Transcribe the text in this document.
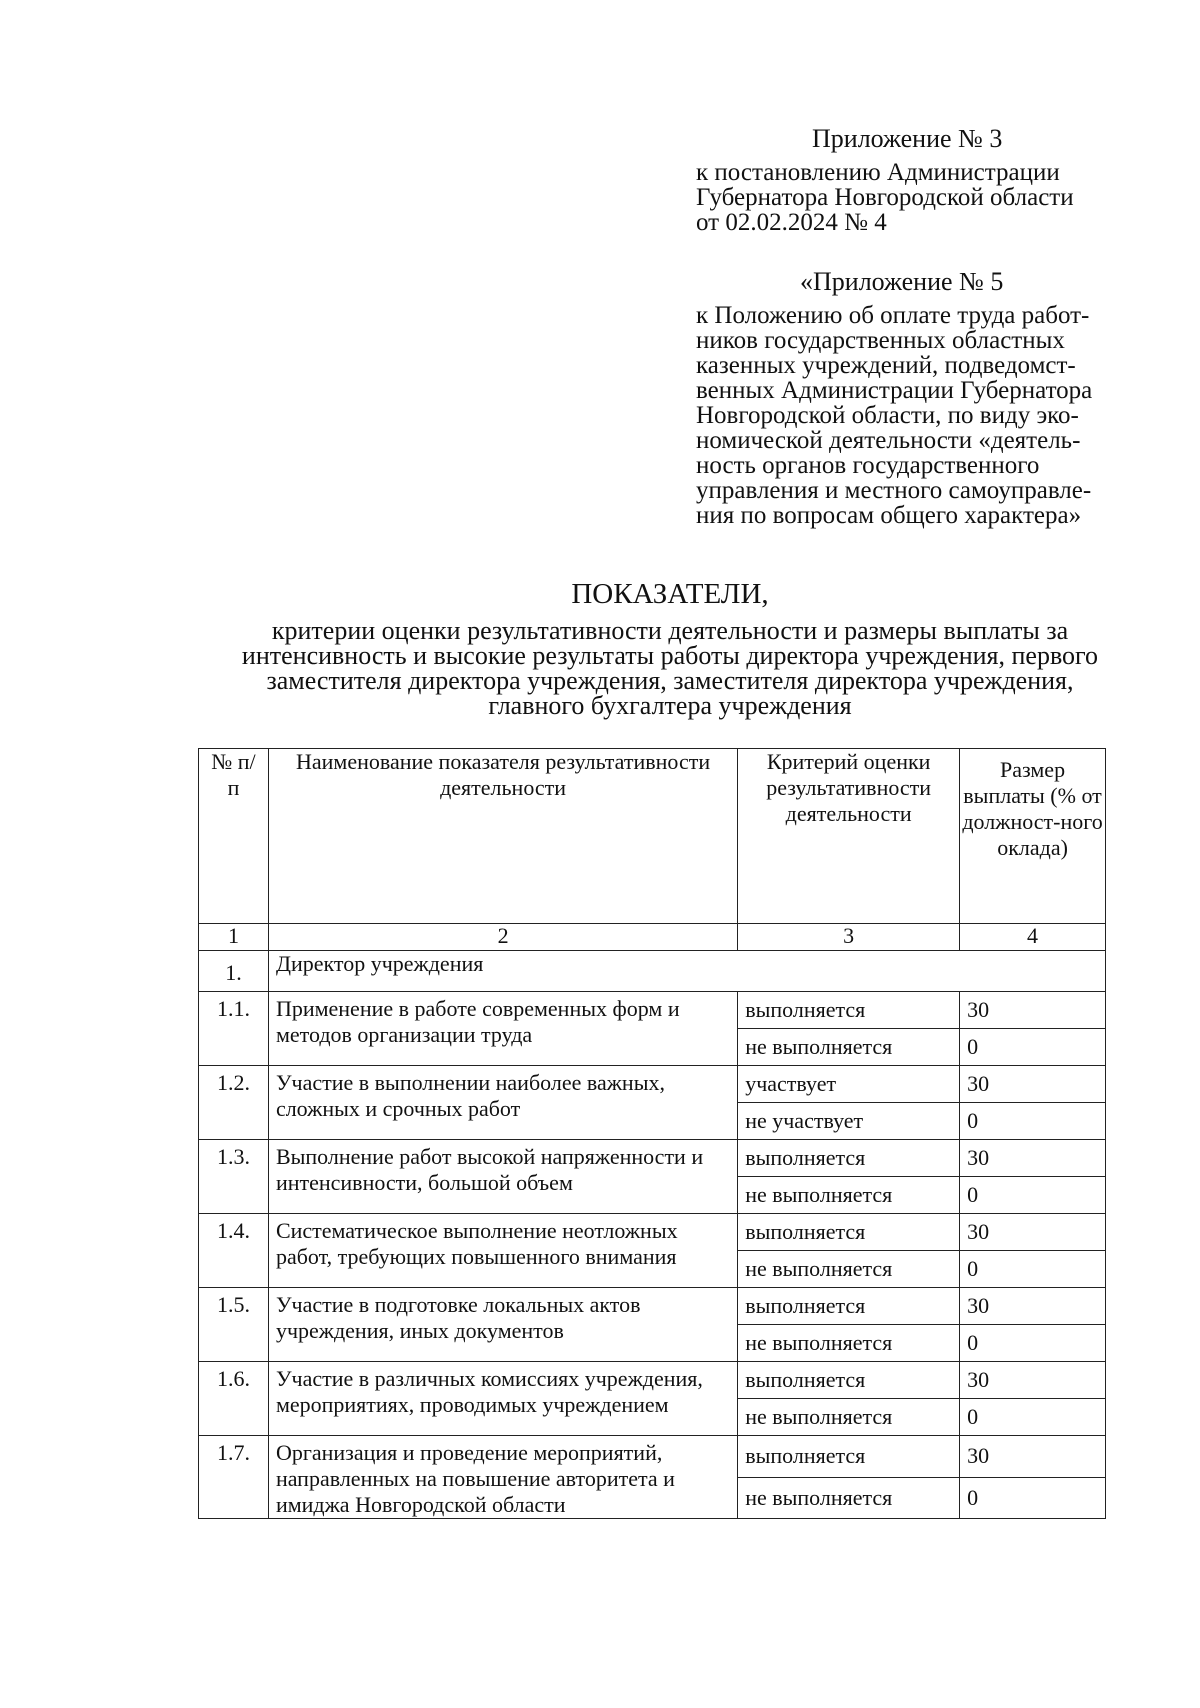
Приложение № 3
к постановлению Администрации
Губернатора Новгородской области
от 02.02.2024 № 4
«Приложение № 5
к Положению об оплате труда работ-
ников государственных областных
казенных учреждений, подведомст-
венных Администрации Губернатора
Новгородской области, по виду эко-
номической деятельности «деятель-
ность органов государственного
управления и местного самоуправле-
ния по вопросам общего характера»
ПОКАЗАТЕЛИ,
критерии оценки результативности деятельности и размеры выплаты за
интенсивность и высокие результаты работы директора учреждения, первого
заместителя директора учреждения, заместителя директора учреждения,
главного бухгалтера учреждения
№ п/п	Наименование показателя результативности деятельности	Критерий оценки результативности деятельности	Размер выплаты (% от должност-ного оклада)
1	2	3	4
1.	Директор учреждения		
1.1.	Применение в работе современных форм и методов организации труда	выполняется	30
		не выполняется	0
1.2.	Участие в выполнении наиболее важных, сложных и срочных работ	участвует	30
		не участвует	0
1.3.	Выполнение работ высокой напряженности и интенсивности, большой объем	выполняется	30
		не выполняется	0
1.4.	Систематическое выполнение неотложных работ, требующих повышенного внимания	выполняется	30
		не выполняется	0
1.5.	Участие в подготовке локальных актов учреждения, иных документов	выполняется	30
		не выполняется	0
1.6.	Участие в различных комиссиях учреждения, мероприятиях, проводимых учреждением	выполняется	30
		не выполняется	0
1.7.	Организация и проведение мероприятий, направленных на повышение авторитета и имиджа Новгородской области	выполняется	30
		не выполняется	0
